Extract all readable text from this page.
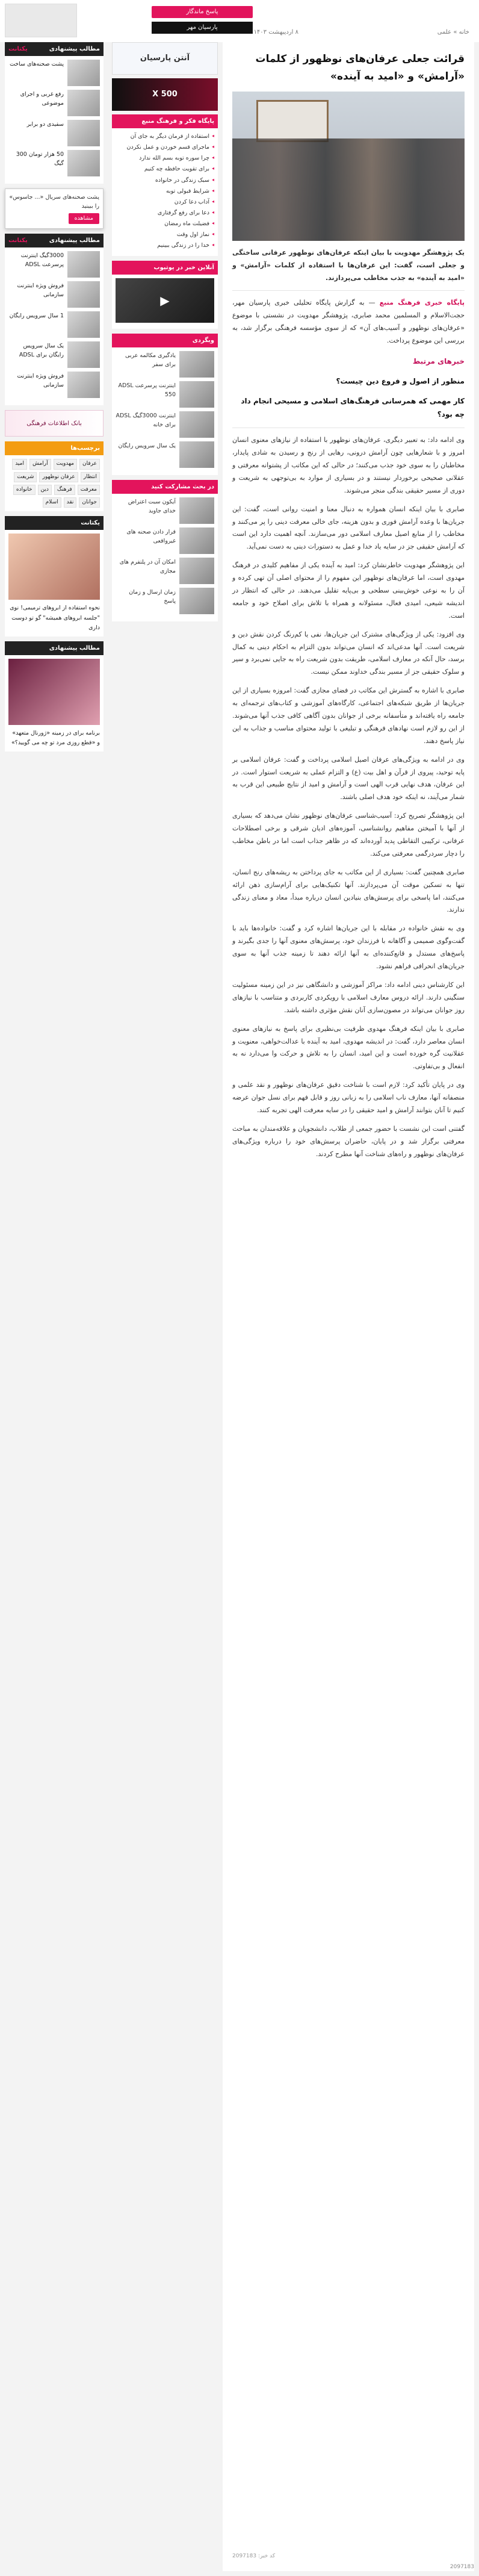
خانه » علمی
۸ اردیبهشت ۱۴۰۳
پاسخ ماندگار
پارسیان مهر
قرائت جعلی عرفان‌های نوظهور از کلمات «آرامش» و «امید به آینده»

یک پژوهشگر مهدویت با بیان اینکه عرفان‌های نوظهور عرفانی ساختگی و جعلی است، گفت: این عرفان‌ها با استفاده از کلمات «آرامش» و «امید به آینده» به جذب مخاطب می‌پردازند.

پایگاه خبری فرهنگ منبع — به گزارش پایگاه تحلیلی خبری پارسیان مهر، حجت‌الاسلام و المسلمین محمد صابری، پژوهشگر مهدویت در نشستی با موضوع «عرفان‌های نوظهور و آسیب‌های آن» که از سوی مؤسسه فرهنگی برگزار شد، به بررسی این موضوع پرداخت.

خبرهای مرتبط
منظور از اصول و فروع دین چیست؟
کار مهمی که همرسانی فرهنگ‌های اسلامی و مسیحی انجام داد چه بود؟

وی ادامه داد: به تعبیر دیگری، عرفان‌های نوظهور با استفاده از نیازهای معنوی انسان امروز و با شعارهایی چون آرامش درونی، رهایی از رنج و رسیدن به شادی پایدار، مخاطبان را به سوی خود جذب می‌کنند؛ در حالی که این مکاتب از پشتوانه معرفتی و عقلانی صحیحی برخوردار نیستند و در بسیاری از موارد به بی‌توجهی به شریعت و دوری از مسیر حقیقی بندگی منجر می‌شوند.

صابری با بیان اینکه انسان همواره به دنبال معنا و امنیت روانی است، گفت: این جریان‌ها با وعده آرامش فوری و بدون هزینه، جای خالی معرفت دینی را پر می‌کنند و مخاطب را از منابع اصیل معارف اسلامی دور می‌سازند. آنچه اهمیت دارد این است که آرامش حقیقی جز در سایه یاد خدا و عمل به دستورات دینی به دست نمی‌آید.

این پژوهشگر مهدویت خاطرنشان کرد: امید به آینده یکی از مفاهیم کلیدی در فرهنگ مهدوی است، اما عرفان‌های نوظهور این مفهوم را از محتوای اصلی آن تهی کرده و آن را به نوعی خوش‌بینی سطحی و بی‌پایه تقلیل می‌دهند. در حالی که انتظار در اندیشه شیعی، امیدی فعال، مسئولانه و همراه با تلاش برای اصلاح خود و جامعه است.

وی افزود: یکی از ویژگی‌های مشترک این جریان‌ها، نفی یا کم‌رنگ کردن نقش دین و شریعت است. آنها مدعی‌اند که انسان می‌تواند بدون التزام به احکام دینی به کمال برسد، حال آنکه در معارف اسلامی، طریقت بدون شریعت راه به جایی نمی‌برد و سیر و سلوک حقیقی جز از مسیر بندگی خداوند ممکن نیست.

صابری با اشاره به گسترش این مکاتب در فضای مجازی گفت: امروزه بسیاری از این جریان‌ها از طریق شبکه‌های اجتماعی، کارگاه‌های آموزشی و کتاب‌های ترجمه‌ای به جامعه راه یافته‌اند و متأسفانه برخی از جوانان بدون آگاهی کافی جذب آنها می‌شوند. از این رو لازم است نهادهای فرهنگی و تبلیغی با تولید محتوای مناسب و جذاب به این نیاز پاسخ دهند.

وی در ادامه به ویژگی‌های عرفان اصیل اسلامی پرداخت و گفت: عرفان اسلامی بر پایه توحید، پیروی از قرآن و اهل بیت (ع) و التزام عملی به شریعت استوار است. در این عرفان، هدف نهایی قرب الهی است و آرامش و امید از نتایج طبیعی این قرب به شمار می‌آیند، نه اینکه خود هدف اصلی باشند.

این پژوهشگر تصریح کرد: آسیب‌شناسی عرفان‌های نوظهور نشان می‌دهد که بسیاری از آنها با آمیختن مفاهیم روانشناسی، آموزه‌های ادیان شرقی و برخی اصطلاحات عرفانی، ترکیبی التقاطی پدید آورده‌اند که در ظاهر جذاب است اما در باطن مخاطب را دچار سردرگمی معرفتی می‌کند.

صابری همچنین گفت: بسیاری از این مکاتب به جای پرداختن به ریشه‌های رنج انسان، تنها به تسکین موقت آن می‌پردازند. آنها تکنیک‌هایی برای آرام‌سازی ذهن ارائه می‌کنند، اما پاسخی برای پرسش‌های بنیادین انسان درباره مبدأ، معاد و معنای زندگی ندارند.

وی به نقش خانواده در مقابله با این جریان‌ها اشاره کرد و گفت: خانواده‌ها باید با گفت‌وگوی صمیمی و آگاهانه با فرزندان خود، پرسش‌های معنوی آنها را جدی بگیرند و پاسخ‌های مستدل و قانع‌کننده‌ای به آنها ارائه دهند تا زمینه جذب آنها به سوی جریان‌های انحرافی فراهم نشود.

این کارشناس دینی ادامه داد: مراکز آموزشی و دانشگاهی نیز در این زمینه مسئولیت سنگینی دارند. ارائه دروس معارف اسلامی با رویکردی کاربردی و متناسب با نیازهای روز جوانان می‌تواند در مصون‌سازی آنان نقش مؤثری داشته باشد.

صابری با بیان اینکه فرهنگ مهدوی ظرفیت بی‌نظیری برای پاسخ به نیازهای معنوی انسان معاصر دارد، گفت: در اندیشه مهدوی، امید به آینده با عدالت‌خواهی، معنویت و عقلانیت گره خورده است و این امید، انسان را به تلاش و حرکت وا می‌دارد نه به انفعال و بی‌تفاوتی.

وی در پایان تأکید کرد: لازم است با شناخت دقیق عرفان‌های نوظهور و نقد علمی و منصفانه آنها، معارف ناب اسلامی را به زبانی روز و قابل فهم برای نسل جوان عرضه کنیم تا آنان بتوانند آرامش و امید حقیقی را در سایه معرفت الهی تجربه کنند.

گفتنی است این نشست با حضور جمعی از طلاب، دانشجویان و علاقه‌مندان به مباحث معرفتی برگزار شد و در پایان، حاضران پرسش‌های خود را درباره ویژگی‌های عرفان‌های نوظهور و راه‌های شناخت آنها مطرح کردند.

2097183 :کد خبر
آنتن پارسیان
500 X
پایگاه فکر و فرهنگ منبع
◂ استفاده از فرمان دیگر به جای آن
◂ ماجرای قسم خوردن و عمل نکردن
◂ چرا سوره توبه بسم الله ندارد
◂ برای تقویت حافظه چه کنیم
◂ سبک زندگی در خانواده
◂ شرایط قبولی توبه
◂ آداب دعا کردن
◂ دعا برای رفع گرفتاری
◂ فضیلت ماه رمضان
◂ نماز اول وقت
◂ خدا را در زندگی ببینیم
آنلاین خبر در یوتیوب
▶
وبگردی
یادگیری مکالمه عربی برای سفر
اینترنت پرسرعت ADSL 550
اینترنت 3000گیگ ADSL برای خانه
یک سال سرویس رایگان
در بحث مشارکت کنید
آیکون سبت اعتراض خدای جاوید
قرار دادن صحنه های غیرواقعی
امکان آن در پلتفرم های مجازی
زمان ارسال و زمان پاسخ
مطالب پیشنهادی
یکتانت
پشت صحنه‌های ساخت
رفع غربی و اجرای موضوعی
سفیدی دو برابر
50 هزار تومان 300 گیگ
پشت صحنه‌های سریال «... جاسوس» را ببینید
مشاهده
مطالب پیشنهادی
یکتانت
3000گیگ اینترنت پرسرعت ADSL
فروش ویژه اینترنت سازمانی
1 سال سرویس رایگان
یک سال سرویس رایگان برای ADSL
فروش ویژه اینترنت سازمانی
بانک اطلاعات فرهنگی
برچسب‌ها
عرفان
مهدویت
آرامش
امید
انتظار
عرفان نوظهور
شریعت
معرفت
فرهنگ
دین
خانواده
جوانان
نقد
اسلام
یکتانت
نحوه استفاده از ابروهای ترمیمی! نوی "جلسه ابروهای همیشه" گو تو دوست داری
مطالب پیشنهادی
برنامه برای در زمینه «ژورنال متعهد» و «قطع روزی مرد تو چه می گویید؟»
2097183
